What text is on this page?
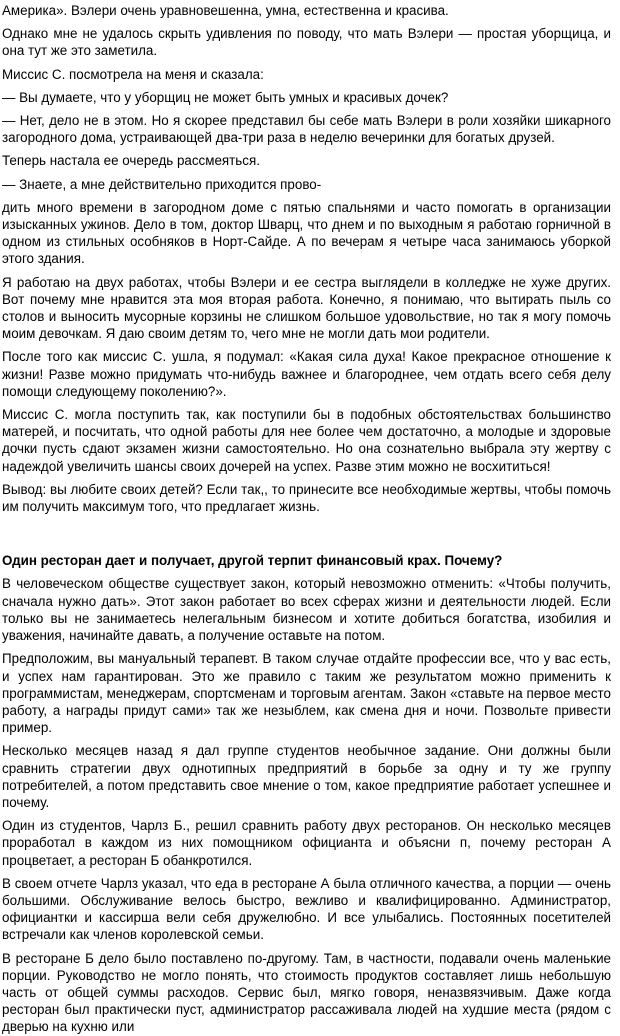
Америка». Вэлери очень уравновешенна, умна, естественна и красива.

Однако мне не удалось скрыть удивления по поводу, что мать Вэлери — простая уборщица, и она тут же это заметила.

Миссис С. посмотрела на меня и сказала:

— Вы думаете, что у уборщиц не может быть умных и красивых дочек?

— Нет, дело не в этом. Но я скорее представил бы себе мать Вэлери в роли хозяйки шикарного загородного дома, устраивающей два-три раза в неделю вечеринки для богатых друзей.

Теперь настала ее очередь рассмеяться.

— Знаете, а мне действительно приходится прово-

дить много времени в загородном доме с пятью спальнями и часто помогать в организации изысканных ужинов. Дело в том, доктор Шварц, что днем и по выходным я работаю горничной в одном из стильных особняков в Норт-Сайде. А по вечерам я четыре часа занимаюсь уборкой этого здания.

Я работаю на двух работах, чтобы Вэлери и ее сестра выглядели в колледже не хуже других. Вот почему мне нравится эта моя вторая работа. Конечно, я понимаю, что вытирать пыль со столов и выносить мусорные корзины не слишком большое удовольствие, но так я могу помочь моим девочкам. Я даю своим детям то, чего мне не могли дать мои родители.

После того как миссис С. ушла, я подумал: «Какая сила духа! Какое прекрасное отношение к жизни! Разве можно придумать что-нибудь важнее и благороднее, чем отдать всего себя делу помощи следующему поколению?».

Миссис С. могла поступить так, как поступили бы в подобных обстоятельствах большинство матерей, и посчитать, что одной работы для нее более чем достаточно, а молодые и здоровые дочки пусть сдают экзамен жизни самостоятельно. Но она сознательно выбрала эту жертву с надеждой увеличить шансы своих дочерей на успех. Разве этим можно не восхититься!

Вывод: вы любите своих детей? Если так,, то принесите все необходимые жертвы, чтобы помочь им получить максимум того, что предлагает жизнь.

Один ресторан дает и получает, другой терпит финансовый крах. Почему?

В человеческом обществе существует закон, который невозможно отменить: «Чтобы получить, сначала нужно дать». Этот закон работает во всех сферах жизни и деятельности людей. Если только вы не занимаетесь нелегальным бизнесом и хотите добиться богатства, изобилия и уважения, начинайте давать, а получение оставьте на потом.

Предположим, вы мануальный терапевт. В таком случае отдайте профессии все, что у вас есть, и успех нам гарантирован. Это же правило с таким же результатом можно применить к программистам, менеджерам, спортсменам и торговым агентам. Закон «ставьте на первое место работу, а награды придут сами» так же незыблем, как смена дня и ночи. Позвольте привести пример.

Несколько месяцев назад я дал группе студентов необычное задание. Они должны были сравнить стратегии двух однотипных предприятий в борьбе за одну и ту же группу потребителей, а потом представить свое мнение о том, какое предприятие работает успешнее и почему.

Один из студентов, Чарлз Б., решил сравнить работу двух ресторанов. Он несколько месяцев проработал в каждом из них помощником официанта и объясни п, почему ресторан А процветает, а ресторан Б обанкротился.

В своем отчете Чарлз указал, что еда в ресторане А была отличного качества, а порции — очень большими. Обслуживание велось быстро, вежливо и квалифицированно. Администратор, официантки и кассирша вели себя дружелюбно. И все улыбались. Постоянных посетителей встречали как членов королевской семьи.

В ресторане Б дело было поставлено по-другому. Там, в частности, подавали очень маленькие порции. Руководство не могло понять, что стоимость продуктов составляет лишь небольшую часть от общей суммы расходов. Сервис был, мягко говоря, неназвязчивым. Даже когда ресторан был практически пуст, администратор рассаживала людей на худшие места (рядом с дверью на кухню или
